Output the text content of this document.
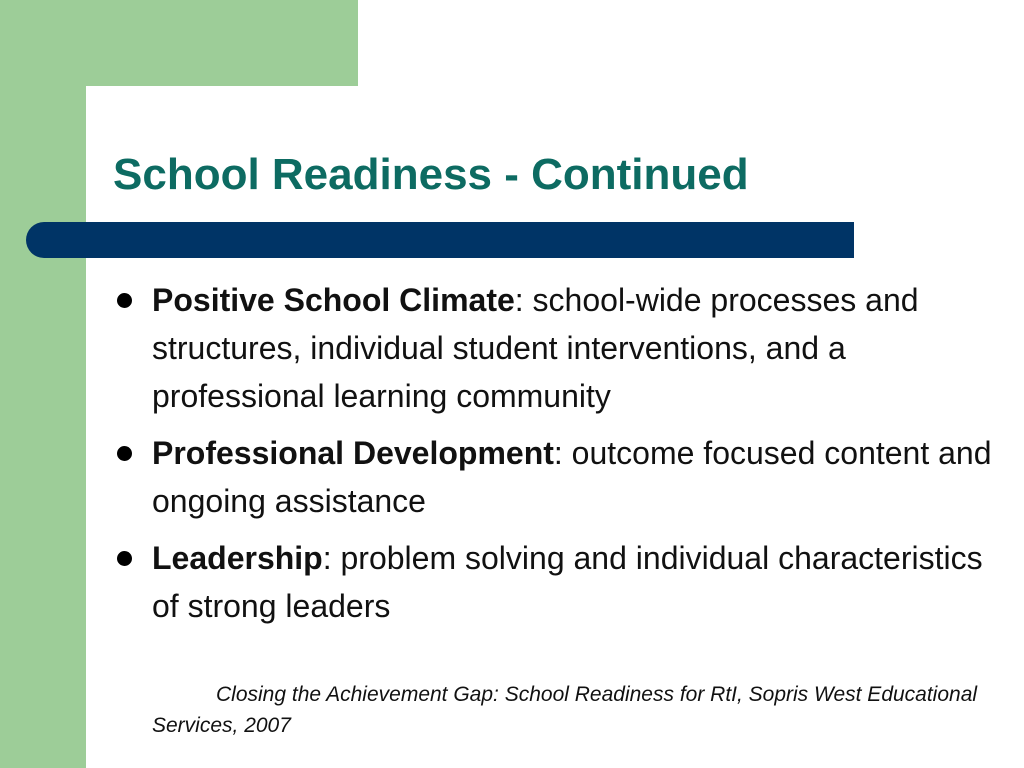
School Readiness - Continued
Positive School Climate: school-wide processes and structures, individual student interventions, and a professional learning community
Professional Development: outcome focused content and ongoing assistance
Leadership: problem solving and individual characteristics of strong leaders

Closing the Achievement Gap: School Readiness for RtI, Sopris West Educational Services, 2007
